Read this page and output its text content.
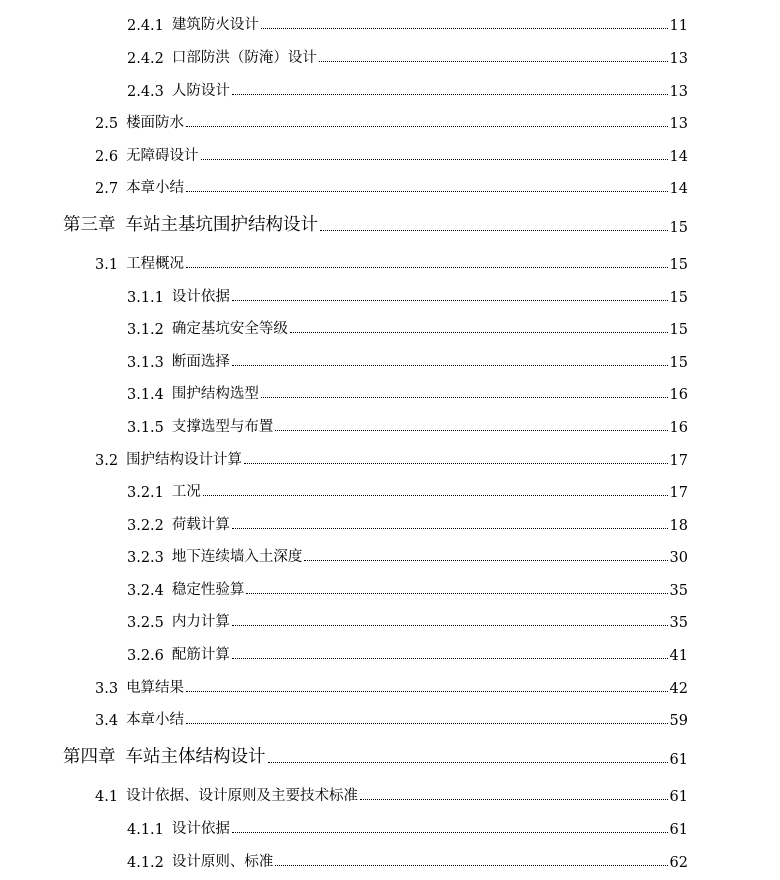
2.4.1 建筑防火设计	11
2.4.2 口部防洪（防淹）设计	13
2.4.3 人防设计	13
2.5 楼面防水	13
2.6 无障碍设计	14
2.7 本章小结	14
第三章 车站主基坑围护结构设计	15
3.1 工程概况	15
3.1.1 设计依据	15
3.1.2 确定基坑安全等级	15
3.1.3 断面选择	15
3.1.4 围护结构选型	16
3.1.5 支撑选型与布置	16
3.2 围护结构设计计算	17
3.2.1 工况	17
3.2.2 荷载计算	18
3.2.3 地下连续墙入土深度	30
3.2.4 稳定性验算	35
3.2.5 内力计算	35
3.2.6 配筋计算	41
3.3 电算结果	42
3.4 本章小结	59
第四章 车站主体结构设计	61
4.1 设计依据、设计原则及主要技术标准	61
4.1.1 设计依据	61
4.1.2 设计原则、标准	62
